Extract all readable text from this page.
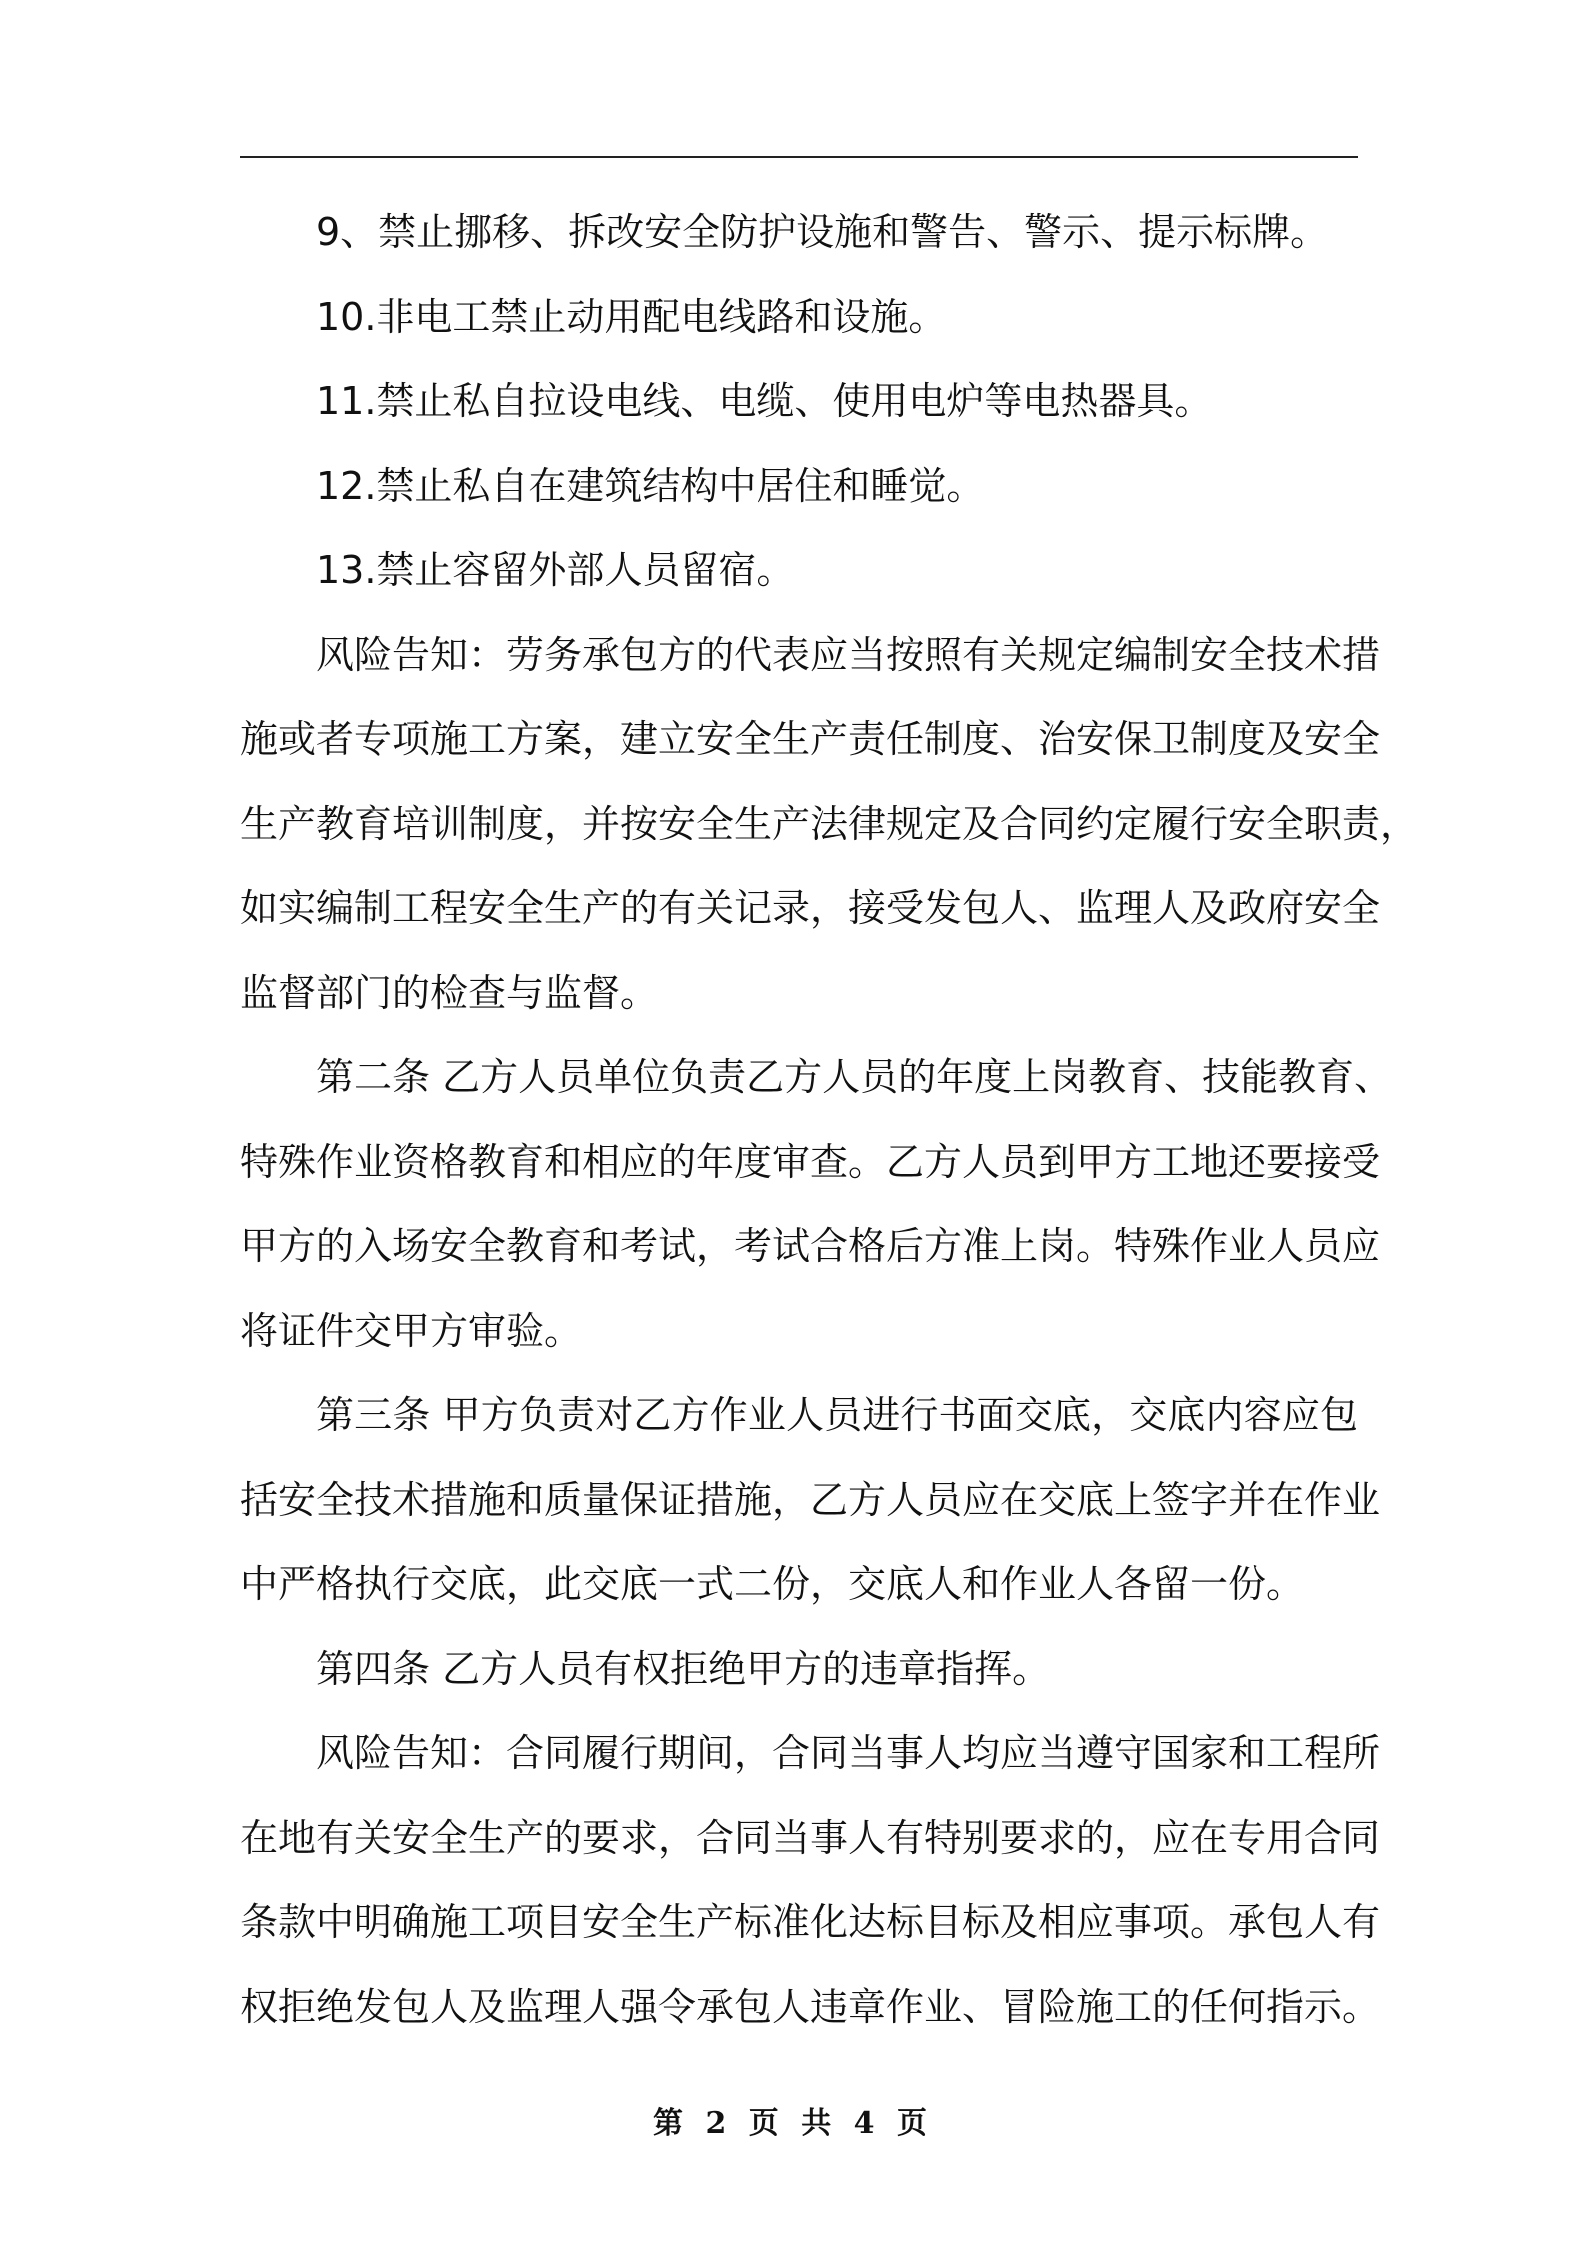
9、禁止挪移、拆改安全防护设施和警告、警示、提示标牌。
10.非电工禁止动用配电线路和设施。
11.禁止私自拉设电线、电缆、使用电炉等电热器具。
12.禁止私自在建筑结构中居住和睡觉。
13.禁止容留外部人员留宿。
风险告知：劳务承包方的代表应当按照有关规定编制安全技术措
施或者专项施工方案，建立安全生产责任制度、治安保卫制度及安全
生产教育培训制度，并按安全生产法律规定及合同约定履行安全职责，
如实编制工程安全生产的有关记录，接受发包人、监理人及政府安全
监督部门的检查与监督。
第二条 乙方人员单位负责乙方人员的年度上岗教育、技能教育、
特殊作业资格教育和相应的年度审查。乙方人员到甲方工地还要接受
甲方的入场安全教育和考试，考试合格后方准上岗。特殊作业人员应
将证件交甲方审验。
第三条 甲方负责对乙方作业人员进行书面交底，交底内容应包
括安全技术措施和质量保证措施，乙方人员应在交底上签字并在作业
中严格执行交底，此交底一式二份，交底人和作业人各留一份。
第四条 乙方人员有权拒绝甲方的违章指挥。
风险告知：合同履行期间，合同当事人均应当遵守国家和工程所
在地有关安全生产的要求，合同当事人有特别要求的，应在专用合同
条款中明确施工项目安全生产标准化达标目标及相应事项。承包人有
权拒绝发包人及监理人强令承包人违章作业、冒险施工的任何指示。
第 2 页 共 4 页
